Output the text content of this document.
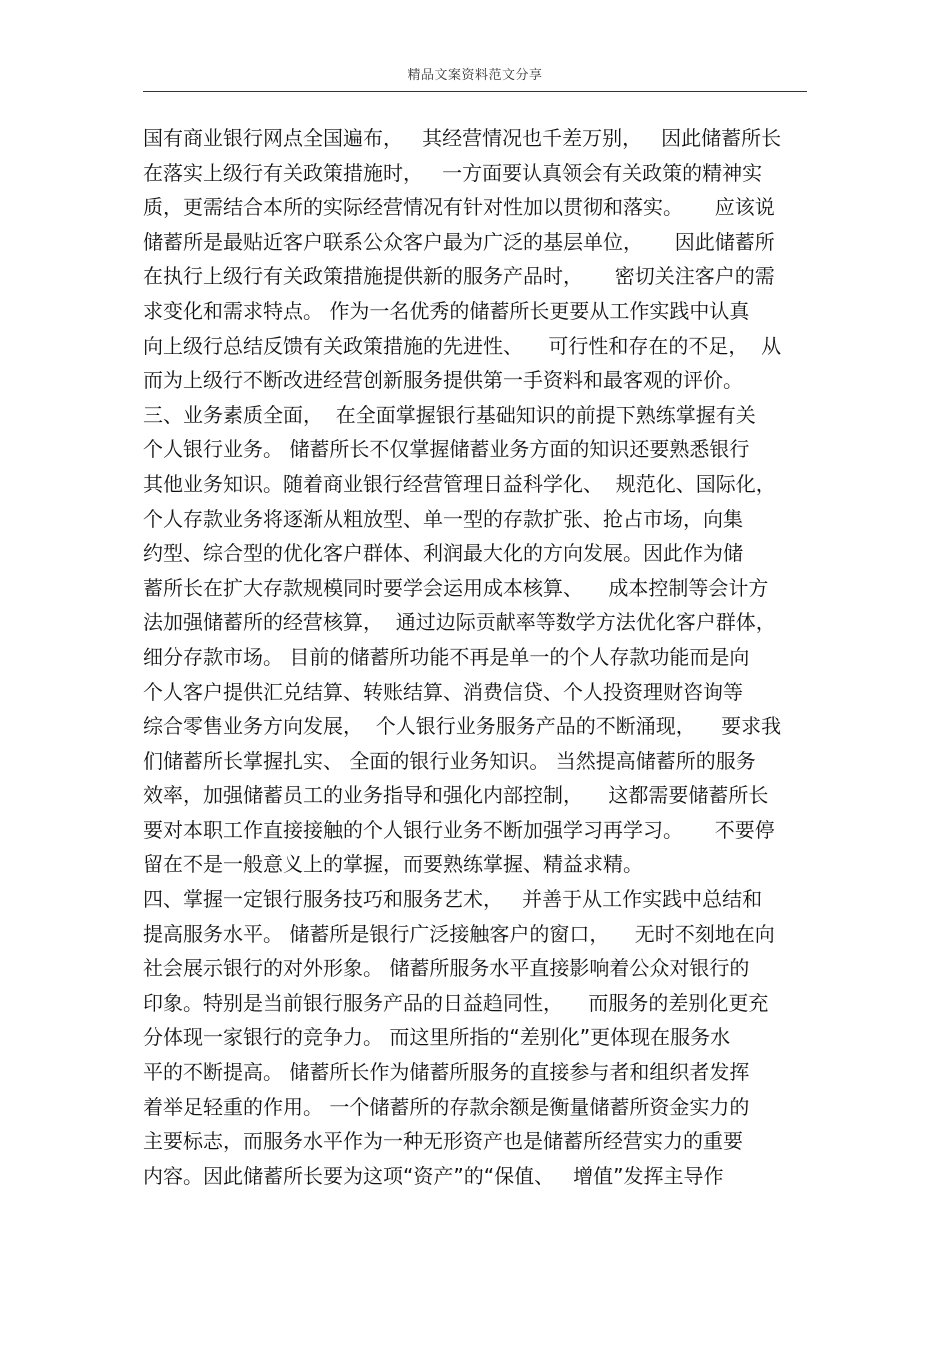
精品文案资料范文分享
国有商业银行网点全国遍布，   其经营情况也千差万别，   因此储蓄所长
在落实上级行有关政策措施时，   一方面要认真领会有关政策的精神实
质，更需结合本所的实际经营情况有针对性加以贯彻和落实。     应该说
储蓄所是最贴近客户联系公众客户最为广泛的基层单位，     因此储蓄所
在执行上级行有关政策措施提供新的服务产品时，     密切关注客户的需
求变化和需求特点。 作为一名优秀的储蓄所长更要从工作实践中认真
向上级行总结反馈有关政策措施的先进性、    可行性和存在的不足，  从
而为上级行不断改进经营创新服务提供第一手资料和最客观的评价。
三、业务素质全面，  在全面掌握银行基础知识的前提下熟练掌握有关
个人银行业务。 储蓄所长不仅掌握储蓄业务方面的知识还要熟悉银行
其他业务知识。随着商业银行经营管理日益科学化、  规范化、国际化，
个人存款业务将逐渐从粗放型、单一型的存款扩张、抢占市场，向集
约型、综合型的优化客户群体、利润最大化的方向发展。因此作为储
蓄所长在扩大存款规模同时要学会运用成本核算、    成本控制等会计方
法加强储蓄所的经营核算，  通过边际贡献率等数学方法优化客户群体，
细分存款市场。 目前的储蓄所功能不再是单一的个人存款功能而是向
个人客户提供汇兑结算、转账结算、消费信贷、个人投资理财咨询等
综合零售业务方向发展，  个人银行业务服务产品的不断涌现，    要求我
们储蓄所长掌握扎实、 全面的银行业务知识。 当然提高储蓄所的服务
效率，加强储蓄员工的业务指导和强化内部控制，    这都需要储蓄所长
要对本职工作直接接触的个人银行业务不断加强学习再学习。     不要停
留在不是一般意义上的掌握，而要熟练掌握、精益求精。
四、掌握一定银行服务技巧和服务艺术，   并善于从工作实践中总结和
提高服务水平。 储蓄所是银行广泛接触客户的窗口，    无时不刻地在向
社会展示银行的对外形象。 储蓄所服务水平直接影响着公众对银行的
印象。特别是当前银行服务产品的日益趋同性，    而服务的差别化更充
分体现一家银行的竞争力。 而这里所指的“差别化”更体现在服务水
平的不断提高。 储蓄所长作为储蓄所服务的直接参与者和组织者发挥
着举足轻重的作用。 一个储蓄所的存款余额是衡量储蓄所资金实力的
主要标志，而服务水平作为一种无形资产也是储蓄所经营实力的重要
内容。因此储蓄所长要为这项“资产”的“保值、   增值”发挥主导作
